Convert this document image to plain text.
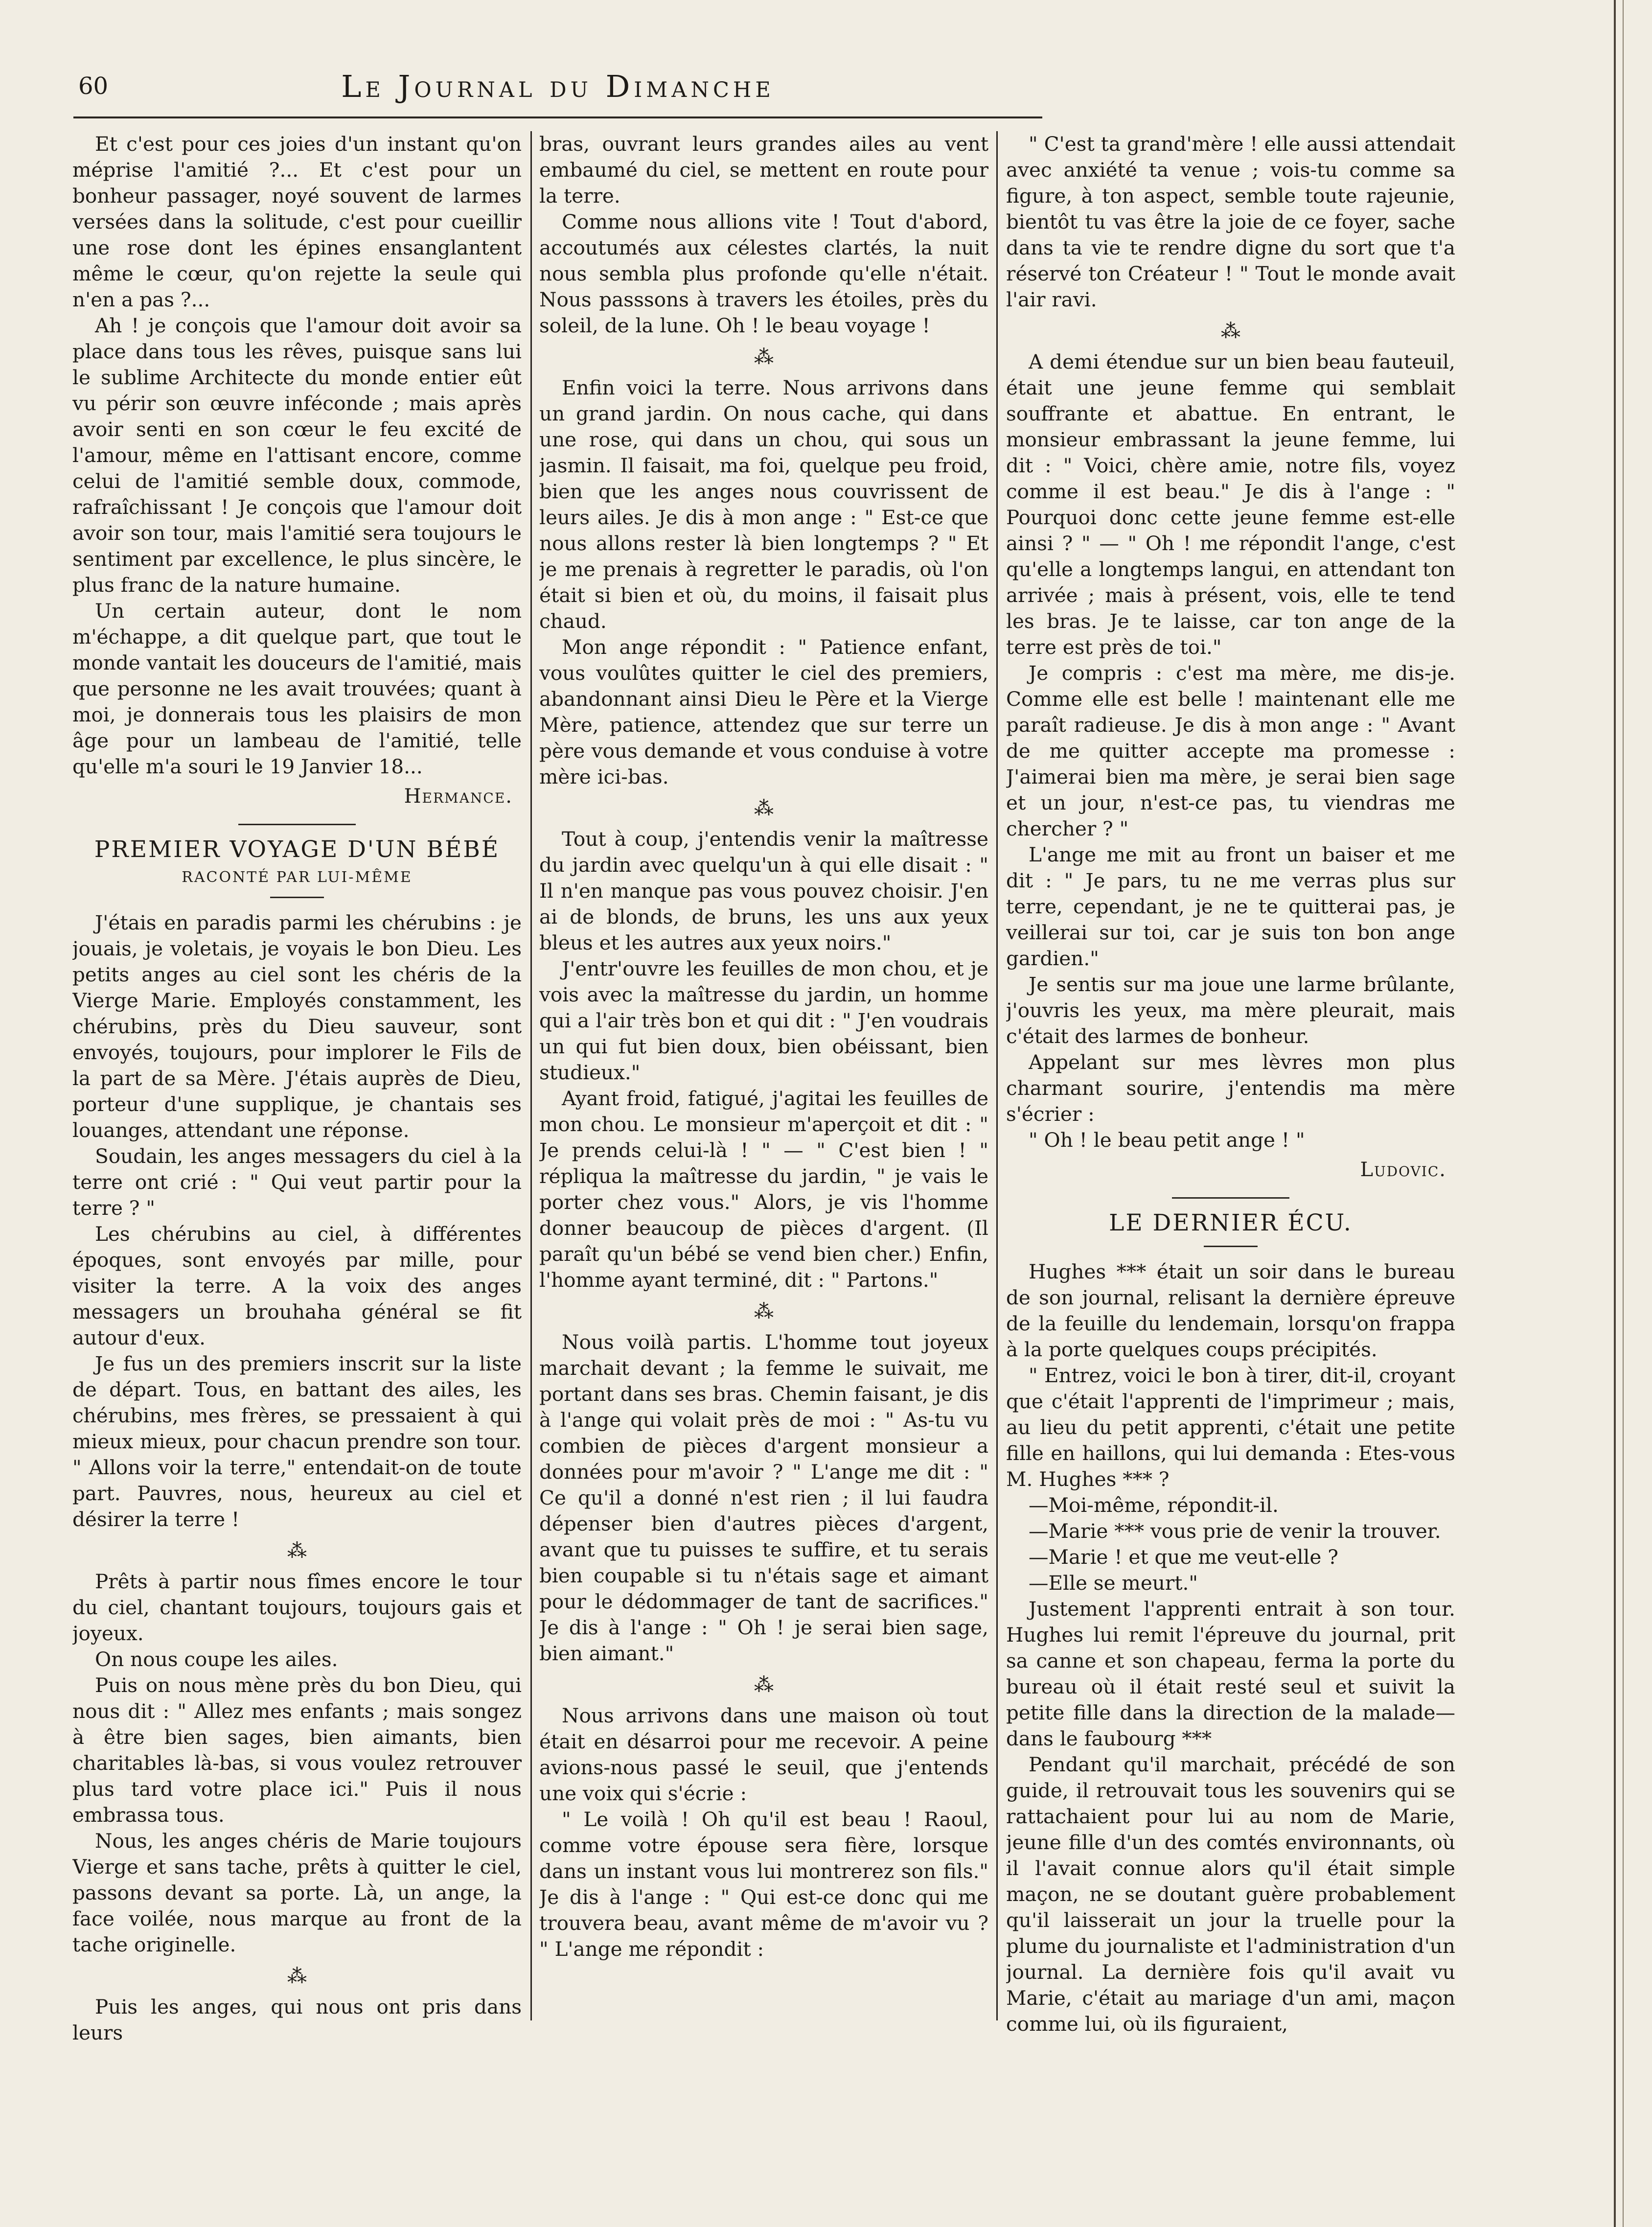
60	Le Journal du Dimanche

Et c'est pour ces joies d'un instant qu'on méprise l'amitié ?... Et c'est pour un bonheur passager, noyé souvent de larmes versées dans la solitude, c'est pour cueillir une rose dont les épines ensanglantent même le cœur, qu'on rejette la seule qui n'en a pas ?...

Ah ! je conçois que l'amour doit avoir sa place dans tous les rêves, puisque sans lui le sublime Architecte du monde entier eût vu périr son œuvre inféconde ; mais après avoir senti en son cœur le feu excité de l'amour, même en l'attisant encore, comme celui de l'amitié semble doux, commode, rafraîchissant ! Je conçois que l'amour doit avoir son tour, mais l'amitié sera toujours le sentiment par excellence, le plus sincère, le plus franc de la nature humaine.

Un certain auteur, dont le nom m'échappe, a dit quelque part, que tout le monde vantait les douceurs de l'amitié, mais que personne ne les avait trouvées; quant à moi, je donnerais tous les plaisirs de mon âge pour un lambeau de l'amitié, telle qu'elle m'a souri le 19 Janvier 18...

Hermance.
PREMIER VOYAGE D'UN BÉBÉ
RACONTÉ PAR LUI-MÊME

J'étais en paradis parmi les chérubins : je jouais, je voletais, je voyais le bon Dieu. Les petits anges au ciel sont les chéris de la Vierge Marie. Employés constamment, les chérubins, près du Dieu sauveur, sont envoyés, toujours, pour implorer le Fils de la part de sa Mère. J'étais auprès de Dieu, porteur d'une supplique, je chantais ses louanges, attendant une réponse.

Soudain, les anges messagers du ciel à la terre ont crié : " Qui veut partir pour la terre ? "

Les chérubins au ciel, à différentes époques, sont envoyés par mille, pour visiter la terre. A la voix des anges messagers un brouhaha général se fit autour d'eux.

Je fus un des premiers inscrit sur la liste de départ. Tous, en battant des ailes, les chérubins, mes frères, se pressaient à qui mieux mieux, pour chacun prendre son tour. " Allons voir la terre," entendait-on de toute part. Pauvres, nous, heureux au ciel et désirer la terre !

⁂

Prêts à partir nous fîmes encore le tour du ciel, chantant toujours, toujours gais et joyeux.

On nous coupe les ailes.

Puis on nous mène près du bon Dieu, qui nous dit : " Allez mes enfants ; mais songez à être bien sages, bien aimants, bien charitables là-bas, si vous voulez retrouver plus tard votre place ici." Puis il nous embrassa tous.

Nous, les anges chéris de Marie toujours Vierge et sans tache, prêts à quitter le ciel, passons devant sa porte. Là, un ange, la face voilée, nous marque au front de la tache originelle.

⁂

Puis les anges, qui nous ont pris dans leurs

bras, ouvrant leurs grandes ailes au vent embaumé du ciel, se mettent en route pour la terre.

Comme nous allions vite ! Tout d'abord, accoutumés aux célestes clartés, la nuit nous sembla plus profonde qu'elle n'était. Nous passsons à travers les étoiles, près du soleil, de la lune. Oh ! le beau voyage !

⁂

Enfin voici la terre. Nous arrivons dans un grand jardin. On nous cache, qui dans une rose, qui dans un chou, qui sous un jasmin. Il faisait, ma foi, quelque peu froid, bien que les anges nous couvrissent de leurs ailes. Je dis à mon ange : " Est-ce que nous allons rester là bien longtemps ? " Et je me prenais à regretter le paradis, où l'on était si bien et où, du moins, il faisait plus chaud.

Mon ange répondit : " Patience enfant, vous voulûtes quitter le ciel des premiers, abandonnant ainsi Dieu le Père et la Vierge Mère, patience, attendez que sur terre un père vous demande et vous conduise à votre mère ici-bas.

⁂

Tout à coup, j'entendis venir la maîtresse du jardin avec quelqu'un à qui elle disait : " Il n'en manque pas vous pouvez choisir. J'en ai de blonds, de bruns, les uns aux yeux bleus et les autres aux yeux noirs."

J'entr'ouvre les feuilles de mon chou, et je vois avec la maîtresse du jardin, un homme qui a l'air très bon et qui dit : " J'en voudrais un qui fut bien doux, bien obéissant, bien studieux."

Ayant froid, fatigué, j'agitai les feuilles de mon chou. Le monsieur m'aperçoit et dit : " Je prends celui-là ! " — " C'est bien ! " répliqua la maîtresse du jardin, " je vais le porter chez vous." Alors, je vis l'homme donner beaucoup de pièces d'argent. (Il paraît qu'un bébé se vend bien cher.) Enfin, l'homme ayant terminé, dit : " Partons."

⁂

Nous voilà partis. L'homme tout joyeux marchait devant ; la femme le suivait, me portant dans ses bras. Chemin faisant, je dis à l'ange qui volait près de moi : " As-tu vu combien de pièces d'argent monsieur a données pour m'avoir ? " L'ange me dit : " Ce qu'il a donné n'est rien ; il lui faudra dépenser bien d'autres pièces d'argent, avant que tu puisses te suffire, et tu serais bien coupable si tu n'étais sage et aimant pour le dédommager de tant de sacrifices." Je dis à l'ange : " Oh ! je serai bien sage, bien aimant."

⁂

Nous arrivons dans une maison où tout était en désarroi pour me recevoir. A peine avions-nous passé le seuil, que j'entends une voix qui s'écrie :

" Le voilà ! Oh qu'il est beau ! Raoul, comme votre épouse sera fière, lorsque dans un instant vous lui montrerez son fils." Je dis à l'ange : " Qui est-ce donc qui me trouvera beau, avant même de m'avoir vu ? " L'ange me répondit :

" C'est ta grand'mère ! elle aussi attendait avec anxiété ta venue ; vois-tu comme sa figure, à ton aspect, semble toute rajeunie, bientôt tu vas être la joie de ce foyer, sache dans ta vie te rendre digne du sort que t'a réservé ton Créateur ! " Tout le monde avait l'air ravi.

⁂

A demi étendue sur un bien beau fauteuil, était une jeune femme qui semblait souffrante et abattue. En entrant, le monsieur embrassant la jeune femme, lui dit : " Voici, chère amie, notre fils, voyez comme il est beau." Je dis à l'ange : " Pourquoi donc cette jeune femme est-elle ainsi ? " — " Oh ! me répondit l'ange, c'est qu'elle a longtemps langui, en attendant ton arrivée ; mais à présent, vois, elle te tend les bras. Je te laisse, car ton ange de la terre est près de toi."

Je compris : c'est ma mère, me dis-je. Comme elle est belle ! maintenant elle me paraît radieuse. Je dis à mon ange : " Avant de me quitter accepte ma promesse : J'aimerai bien ma mère, je serai bien sage et un jour, n'est-ce pas, tu viendras me chercher ? "

L'ange me mit au front un baiser et me dit : " Je pars, tu ne me verras plus sur terre, cependant, je ne te quitterai pas, je veillerai sur toi, car je suis ton bon ange gardien."

Je sentis sur ma joue une larme brûlante, j'ouvris les yeux, ma mère pleurait, mais c'était des larmes de bonheur.

Appelant sur mes lèvres mon plus charmant sourire, j'entendis ma mère s'écrier :

" Oh ! le beau petit ange ! "

Ludovic.
LE DERNIER ÉCU.

Hughes *** était un soir dans le bureau de son journal, relisant la dernière épreuve de la feuille du lendemain, lorsqu'on frappa à la porte quelques coups précipités.

" Entrez, voici le bon à tirer, dit-il, croyant que c'était l'apprenti de l'imprimeur ; mais, au lieu du petit apprenti, c'était une petite fille en haillons, qui lui demanda : Etes-vous M. Hughes *** ?

—Moi-même, répondit-il.

—Marie *** vous prie de venir la trouver.

—Marie ! et que me veut-elle ?

—Elle se meurt."

Justement l'apprenti entrait à son tour. Hughes lui remit l'épreuve du journal, prit sa canne et son chapeau, ferma la porte du bureau où il était resté seul et suivit la petite fille dans la direction de la malade—dans le faubourg ***

Pendant qu'il marchait, précédé de son guide, il retrouvait tous les souvenirs qui se rattachaient pour lui au nom de Marie, jeune fille d'un des comtés environnants, où il l'avait connue alors qu'il était simple maçon, ne se doutant guère probablement qu'il laisserait un jour la truelle pour la plume du journaliste et l'administration d'un journal. La dernière fois qu'il avait vu Marie, c'était au mariage d'un ami, maçon comme lui, où ils figuraient,
